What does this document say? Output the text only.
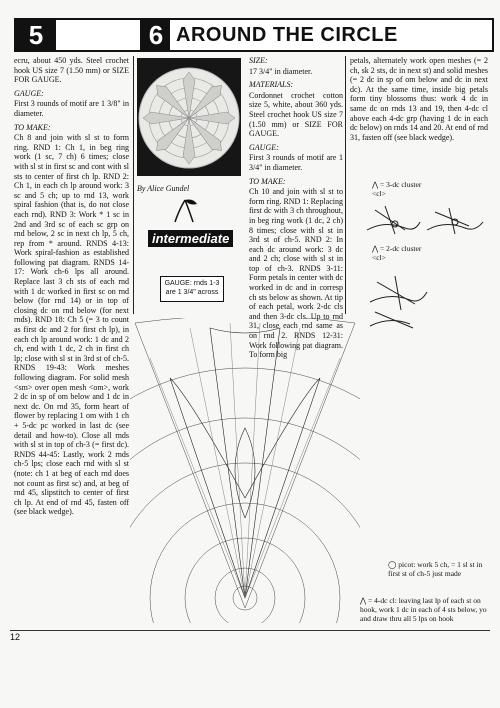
5	6 AROUND THE CIRCLE

ecru, about 450 yds. Steel crochet hook US size 7 (1.50 mm) or SIZE FOR GAUGE.

GAUGE:

First 3 rounds of motif are 1 3/8" in diameter.

TO MAKE:

Ch 8 and join with sl st to form ring. RND 1: Ch 1, in beg ring work (1 sc, 7 ch) 6 times; close with sl st in first sc and cont with sl sts to center of first ch lp. RND 2: Ch 1, in each ch lp around work: 3 sc and 5 ch; up to rnd 13, work spiral fashion (that is, do not close each rnd). RND 3: Work * 1 sc in 2nd and 3rd sc of each sc grp on rnd below, 2 sc in next ch lp, 5 ch, rep from * around. RNDS 4-13: Work spiral-fashion as established following pat diagram. RNDS 14-17: Work ch-6 lps all around. Replace last 3 ch sts of each rnd with 1 dc worked in first sc on rnd below (for rnd 14) or in top of closing dc on rnd below (for next rnds). RND 18: Ch 5 (= 3 to count as first dc and 2 for first ch lp), in each ch lp around work: 1 dc and 2 ch, end with 1 dc, 2 ch in first ch lp; close with sl st in 3rd st of ch-5. RNDS 19-43: Work meshes following diagram. For solid mesh <sm> over open mesh <om>, work 2 dc in sp of om below and 1 dc in next dc. On rnd 35, form heart of flower by replacing 1 om with 1 ch + 5-dc pc worked in last dc (see detail and how-to). Close all rnds with sl st in top of ch-3 (= first dc). RNDS 44-45: Lastly, work 2 rnds ch-5 lps; close each rnd with sl st (note: ch 1 at beg of each rnd does not count as first sc) and, at beg of rnd 45, slipstitch to center of first ch lp. At end of rnd 45, fasten off (see black wedge).

By Alice Gundel
intermediate
GAUGE: rnds 1-3 are 1 3/4" across
SIZE:

17 3/4" in diameter.

MATERIALS:

Cordonnet crochet cotton size 5, white, about 360 yds. Steel crochet hook US size 7 (1.50 mm) or SIZE FOR GAUGE.

GAUGE:

First 3 rounds of motif are 1 3/4" in diameter.

TO MAKE:

Ch 10 and join with sl st to form ring. RND 1: Replacing first dc with 3 ch throughout, in beg ring work (1 dc, 2 ch) 8 times; close with sl st in 3rd st of ch-5. RND 2: In each dc around work: 3 dc and 2 ch; close with sl st in top of ch-3. RNDS 3-11: Form petals in center with dc worked in dc and in corresp ch sts below as shown. At tip of each petal, work 2-dc cls and then 3-dc cls. Up to rnd 31, close each rnd same as on rnd 2. RNDS 12-31: Work following pat diagram. To form big

petals, alternately work open meshes (= 2 ch, sk 2 sts, dc in next st) and solid meshes (= 2 dc in sp of om below and dc in next dc). At the same time, inside big petals form tiny blossoms thus: work 4 dc in same dc on rnds 13 and 19, then 4-dc cl above each 4-dc grp (having 1 dc in each dc below) on rnds 14 and 20. At end of rnd 31, fasten off (see black wedge).

⋀ = 3-dc cluster <cl>
⋀ = 2-dc cluster <cl>
◯ picot: work 5 ch, = 1 sl st in first st of ch-5 just made
⋀ = 4-dc cl: leaving last lp of each st on hook, work 1 dc in each of 4 sts below, yo and draw thru all 5 lps on hook
12
